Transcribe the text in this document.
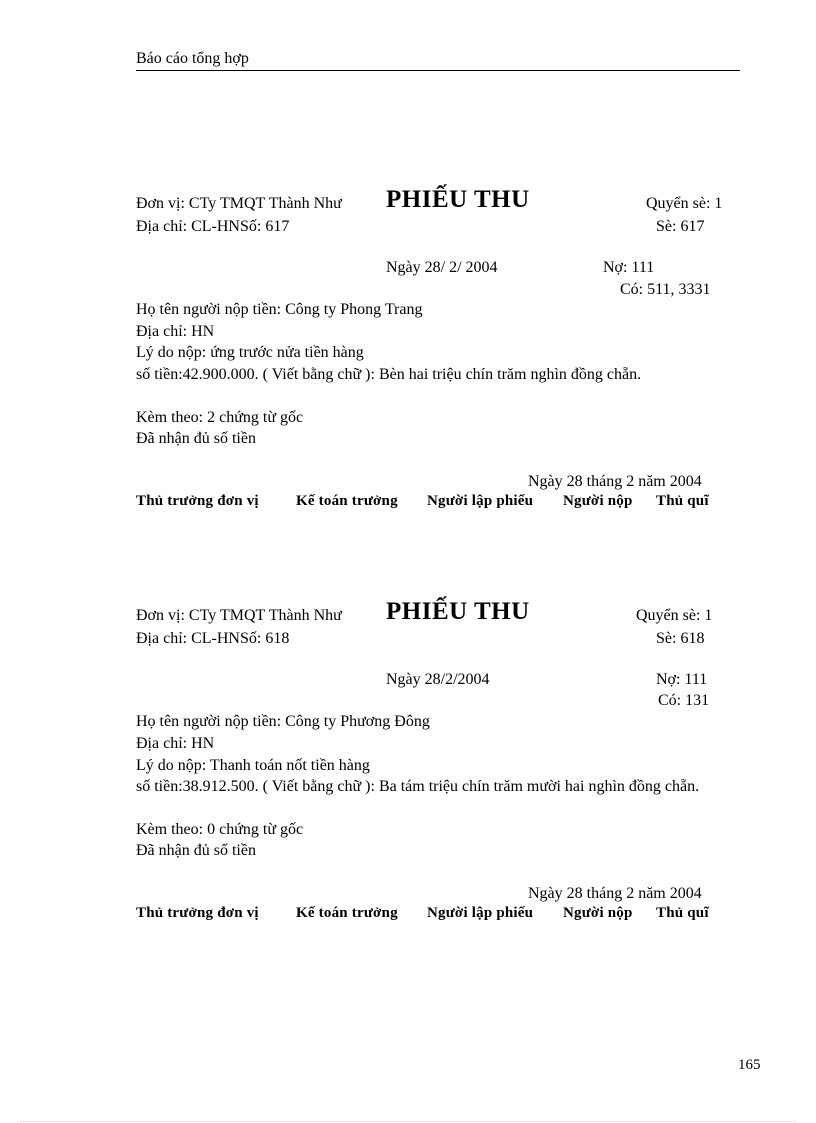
Báo cáo tổng hợp
Đơn vị: CTy TMQT Thành Như PHIẾU THU	Quyển sè: 1
Địa chỉ: CL-HNSố: 617	Sè: 617
Ngày 28/ 2/ 2004	Nợ: 111
Có: 511, 3331
Họ tên người nộp tiền: Công ty Phong Trang
Địa chỉ: HN
Lý do nộp: ứng trước nửa tiền hàng
số tiền:42.900.000. ( Viết bằng chữ ): Bèn hai triệu chín trăm nghìn đồng chẵn.
Kèm theo: 2 chứng từ gốc
Đã nhận đủ số tiền
Ngày 28 tháng 2 năm 2004
Thủ trưởng đơn vị Kế toán trưởng Người lập phiếu Người nộp Thủ quĩ
Đơn vị: CTy TMQT Thành Như PHIẾU THU	Quyển sè: 1
Địa chỉ: CL-HNSố: 618	Sè: 618
Ngày 28/2/2004	Nợ: 111
Có: 131
Họ tên người nộp tiền: Công ty Phương Đông
Địa chỉ: HN
Lý do nộp: Thanh toán nốt tiền hàng
số tiền:38.912.500. ( Viết bằng chữ ): Ba tám triệu chín trăm mười hai nghìn đồng chẵn.
Kèm theo: 0 chứng từ gốc
Đã nhận đủ số tiền
Ngày 28 tháng 2 năm 2004
Thủ trưởng đơn vị Kế toán trưởng Người lập phiếu Người nộp Thủ quĩ
165
